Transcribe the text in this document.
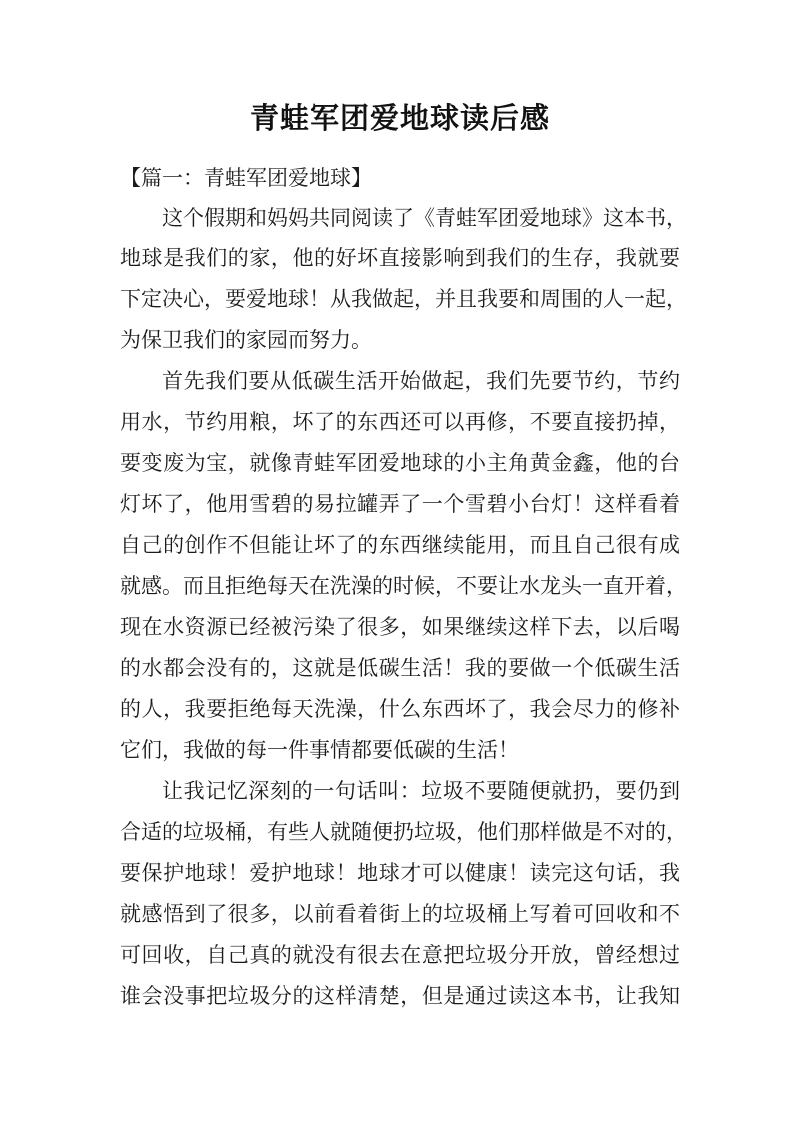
青蛙军团爱地球读后感
【篇一：青蛙军团爱地球】
这个假期和妈妈共同阅读了《青蛙军团爱地球》这本书，
地球是我们的家，他的好坏直接影响到我们的生存，我就要
下定决心，要爱地球！从我做起，并且我要和周围的人一起，
为保卫我们的家园而努力。
首先我们要从低碳生活开始做起，我们先要节约，节约
用水，节约用粮，坏了的东西还可以再修，不要直接扔掉，
要变废为宝，就像青蛙军团爱地球的小主角黄金鑫，他的台
灯坏了，他用雪碧的易拉罐弄了一个雪碧小台灯！这样看着
自己的创作不但能让坏了的东西继续能用，而且自己很有成
就感。而且拒绝每天在洗澡的时候，不要让水龙头一直开着，
现在水资源已经被污染了很多，如果继续这样下去，以后喝
的水都会没有的，这就是低碳生活！我的要做一个低碳生活
的人，我要拒绝每天洗澡，什么东西坏了，我会尽力的修补
它们，我做的每一件事情都要低碳的生活！
让我记忆深刻的一句话叫：垃圾不要随便就扔，要仍到
合适的垃圾桶，有些人就随便扔垃圾，他们那样做是不对的，
要保护地球！爱护地球！地球才可以健康！读完这句话，我
就感悟到了很多，以前看着街上的垃圾桶上写着可回收和不
可回收，自己真的就没有很去在意把垃圾分开放，曾经想过
谁会没事把垃圾分的这样清楚，但是通过读这本书，让我知
